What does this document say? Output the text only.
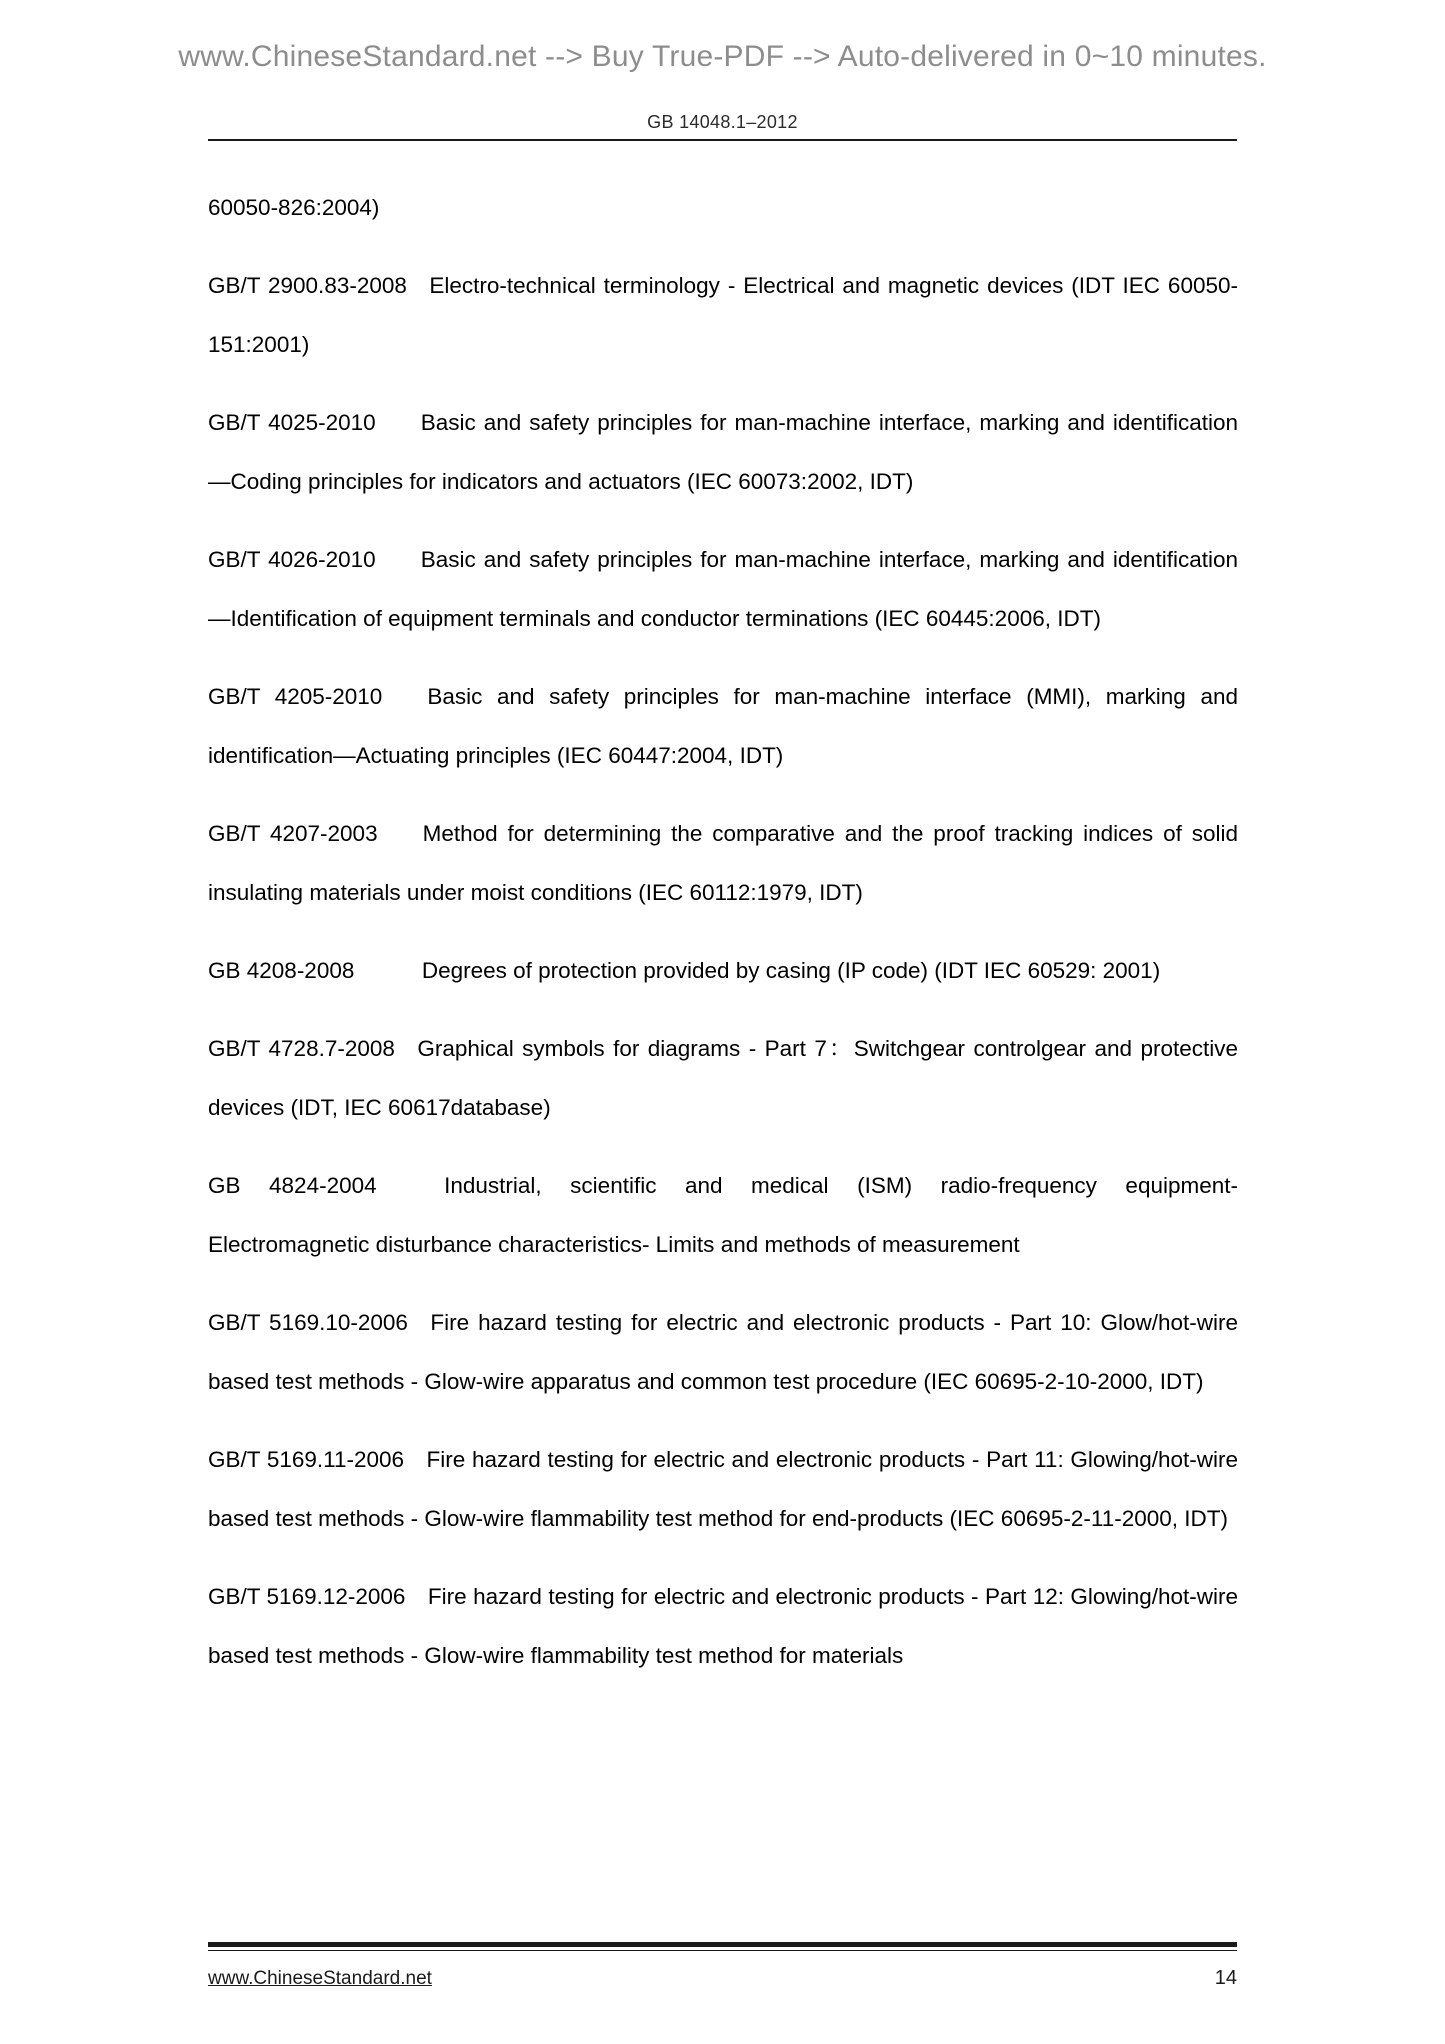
www.ChineseStandard.net --> Buy True-PDF --> Auto-delivered in 0~10 minutes.
GB 14048.1–2012

60050-826:2004)

GB/T 2900.83-2008 Electro-technical terminology - Electrical and magnetic devices (IDT IEC 60050-151:2001)

GB/T 4025-2010  Basic and safety principles for man-machine interface, marking and identification—Coding principles for indicators and actuators (IEC 60073:2002, IDT)

GB/T 4026-2010  Basic and safety principles for man-machine interface, marking and identification—Identification of equipment terminals and conductor terminations (IEC 60445:2006, IDT)

GB/T 4205-2010  Basic and safety principles for man-machine interface (MMI), marking and identification—Actuating principles (IEC 60447:2004, IDT)

GB/T 4207-2003  Method for determining the comparative and the proof tracking indices of solid insulating materials under moist conditions (IEC 60112:1979, IDT)

GB 4208-2008   Degrees of protection provided by casing (IP code) (IDT IEC 60529: 2001)

GB/T 4728.7-2008 Graphical symbols for diagrams - Part 7：Switchgear controlgear and protective devices (IDT, IEC 60617database)

GB 4824-2004   Industrial, scientific and medical (ISM) radio-frequency equipment-Electromagnetic disturbance characteristics- Limits and methods of measurement

GB/T 5169.10-2006 Fire hazard testing for electric and electronic products - Part 10: Glow/hot-wire based test methods - Glow-wire apparatus and common test procedure (IEC 60695-2-10-2000, IDT)

GB/T 5169.11-2006 Fire hazard testing for electric and electronic products - Part 11: Glowing/hot-wire based test methods - Glow-wire flammability test method for end-products (IEC 60695-2-11-2000, IDT)

GB/T 5169.12-2006 Fire hazard testing for electric and electronic products - Part 12: Glowing/hot-wire based test methods - Glow-wire flammability test method for materials

www.ChineseStandard.net	14
